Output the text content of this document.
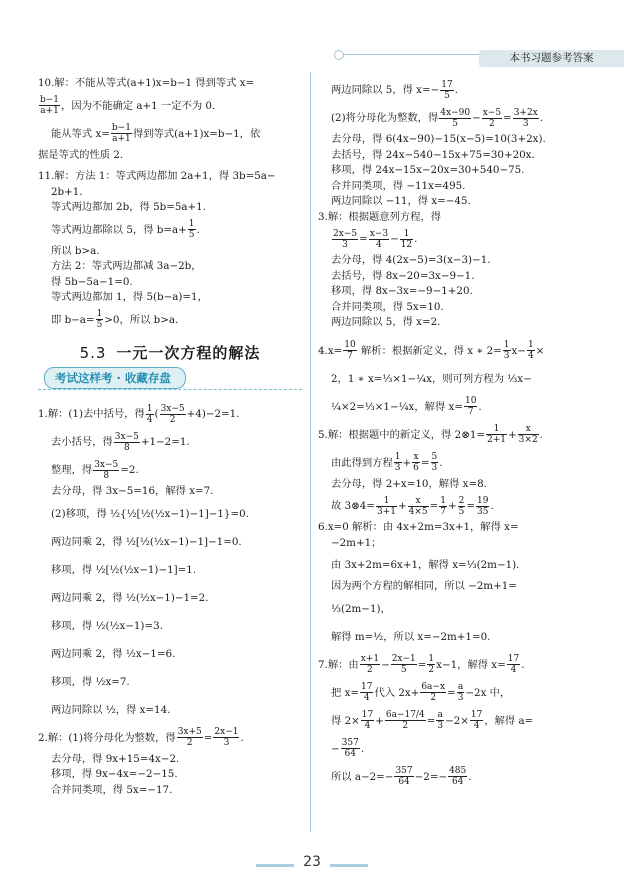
本书习题参考答案
10.解：不能从等式(a+1)x=b−1 得到等式 x=
$\frac{b-1}{a+1}$ ，因为不能确定 a+1 一定不为 0.
能从等式 $x= \frac{b-1}{a+1}$ 得到等式(a+1)x=b−1，依
据是等式的性质 2.
11.解：方法 1：等式两边都加 2a+1，得 3b=5a−
2b+1.
等式两边都加 2b，得 5b=5a+1.
等式两边都除以 5，得 $b=a+ \frac{1}{5}$ .
所以 b>a.
方法 2：等式两边都减 3a−2b，
得 5b−5a−1=0.
等式两边都加 1，得 5(b−a)=1，
即 $b-a= \frac{1}{5} >0$，所以 b>a.
5.3 一元一次方程的解法
考试这样考 · 收藏存盘
1.解：(1)去中括号，得 $\frac{1}{4}$ ( $\frac{3x-5}{2} +4)-2=1$.
去小括号，得 $\frac{3x-5}{8} +1-2=1$.
整理，得 $\frac{3x-5}{8} =2$.
去分母，得 3x−5=16，解得 x=7.
(2)移项，得 ½{½[½(½x−1)−1]−1}=0.
两边同乘 2，得 ½[½(½x−1)−1]−1=0.
移项，得 ½[½(½x−1)−1]=1.
两边同乘 2，得 ½(½x−1)−1=2.
移项，得 ½(½x−1)=3.
两边同乘 2，得 ½x−1=6.
移项，得 ½x=7.
两边同除以 ½，得 x=14.
2.解：(1)将分母化为整数，得 $\frac{3x+5}{2} = \frac{2x-1}{3}$ .
去分母，得 9x+15=4x−2.
移项，得 9x−4x=−2−15.
合并同类项，得 5x=−17.
两边同除以 5，得 $x=- \frac{17}{5}$ .
(2)将分母化为整数，得 $\frac{4x-90}{5} - \frac{x-5}{2} = \frac{3+2x}{3}$ .
去分母，得 6(4x−90)−15(x−5)=10(3+2x).
去括号，得 24x−540−15x+75=30+20x.
移项，得 24x−15x−20x=30+540−75.
合并同类项，得 −11x=495.
两边同除以 −11，得 x=−45.
3.解：根据题意列方程，得
$\frac{2x-5}{3} = \frac{x-3}{4} - \frac{1}{12}$ .
去分母，得 4(2x−5)=3(x−3)−1.
去括号，得 8x−20=3x−9−1.
移项，得 8x−3x=−9−1+20.
合并同类项，得 5x=10.
两边同除以 5，得 x=2.
$4.x= \frac{10}{7}$ 解析：根据新定义，得 x ∗ $2= \frac{1}{3} x- \frac{1}{4}$ ×
2，1 ∗ x=⅓×1−¼x，则可列方程为 ⅓x−
¼×2=⅓×1−¼x，解得 $x= \frac{10}{7}$ .
5.解：根据题中的新定义，得 2⊗1= $\frac{1}{2+1} + \frac{x}{3\times 2}$ .
由此得到方程 $\frac{1}{3} + \frac{x}{6} = \frac{5}{3}$ .
去分母，得 2+x=10，解得 x=8.
故 3⊗4= $\frac{1}{3+1} + \frac{x}{4\times 5} = \frac{1}{7} + \frac{2}{5} = \frac{19}{35}$ .
6.x=0 解析：由 4x+2m=3x+1，解得 x=
−2m+1；
由 3x+2m=6x+1，解得 x=⅓(2m−1).
因为两个方程的解相同，所以 −2m+1=
⅓(2m−1)，
解得 m=½，所以 x=−2m+1=0.
7.解：由 $\frac{x+1}{2} - \frac{2x-1}{5} = \frac{1}{2} x-1$，解得 $x= \frac{17}{4}$ .
把 $x= \frac{17}{4}$ 代入 $2x+ \frac{6a-x}{2} = \frac{a}{3} -2x$ 中，
得 $2\times \frac{17}{4} + \frac{6a-17/4}{2} = \frac{a}{3} -2\times \frac{17}{4}$ ，解得 a=
− $\frac{357}{64}$ .
所以 $a-2=- \frac{357}{64} -2=- \frac{485}{64}$ .
23
